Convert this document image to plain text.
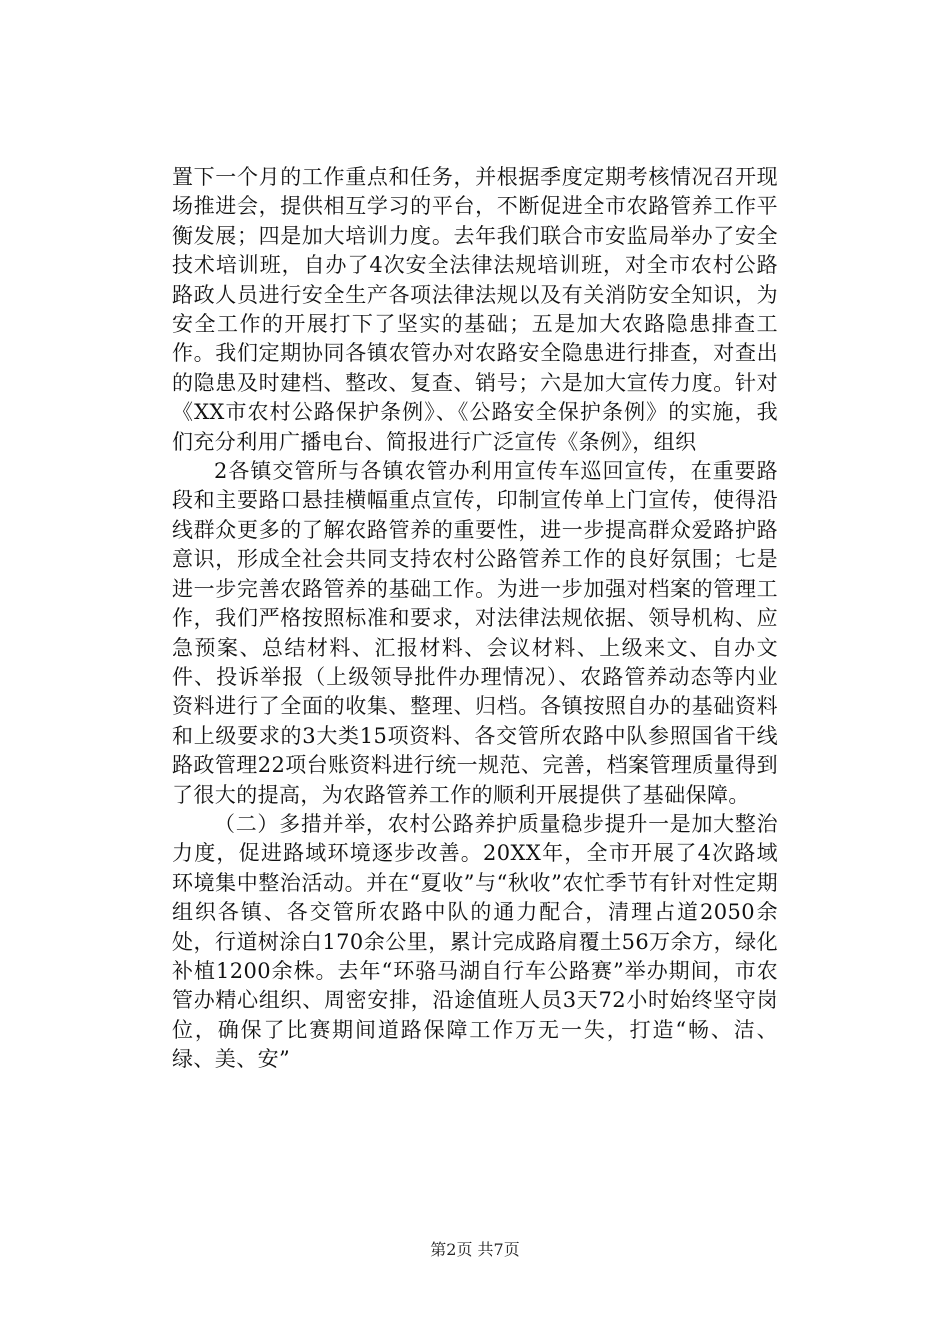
置下一个月的工作重点和任务，并根据季度定期考核情况召开现场推进会，提供相互学习的平台，不断促进全市农路管养工作平衡发展；四是加大培训力度。去年我们联合市安监局举办了安全技术培训班，自办了4次安全法律法规培训班，对全市农村公路路政人员进行安全生产各项法律法规以及有关消防安全知识，为安全工作的开展打下了坚实的基础；五是加大农路隐患排查工作。我们定期协同各镇农管办对农路安全隐患进行排查，对查出的隐患及时建档、整改、复查、销号；六是加大宣传力度。针对《XX市农村公路保护条例》、《公路安全保护条例》的实施，我们充分利用广播电台、简报进行广泛宣传《条例》，组织

2各镇交管所与各镇农管办利用宣传车巡回宣传，在重要路段和主要路口悬挂横幅重点宣传，印制宣传单上门宣传，使得沿线群众更多的了解农路管养的重要性，进一步提高群众爱路护路意识，形成全社会共同支持农村公路管养工作的良好氛围；七是进一步完善农路管养的基础工作。为进一步加强对档案的管理工作，我们严格按照标准和要求，对法律法规依据、领导机构、应急预案、总结材料、汇报材料、会议材料、上级来文、自办文件、投诉举报（上级领导批件办理情况）、农路管养动态等内业资料进行了全面的收集、整理、归档。各镇按照自办的基础资料和上级要求的3大类15项资料、各交管所农路中队参照国省干线路政管理22项台账资料进行统一规范、完善，档案管理质量得到了很大的提高，为农路管养工作的顺利开展提供了基础保障。

（二）多措并举，农村公路养护质量稳步提升一是加大整治力度，促进路域环境逐步改善。20XX年，全市开展了4次路域环境集中整治活动。并在“夏收”与“秋收”农忙季节有针对性定期组织各镇、各交管所农路中队的通力配合，清理占道2050余处，行道树涂白170余公里，累计完成路肩覆土56万余方，绿化补植1200余株。去年“环骆马湖自行车公路赛”举办期间，市农管办精心组织、周密安排，沿途值班人员3天72小时始终坚守岗位，确保了比赛期间道路保障工作万无一失，打造“畅、洁、绿、美、安”

第2页 共7页
